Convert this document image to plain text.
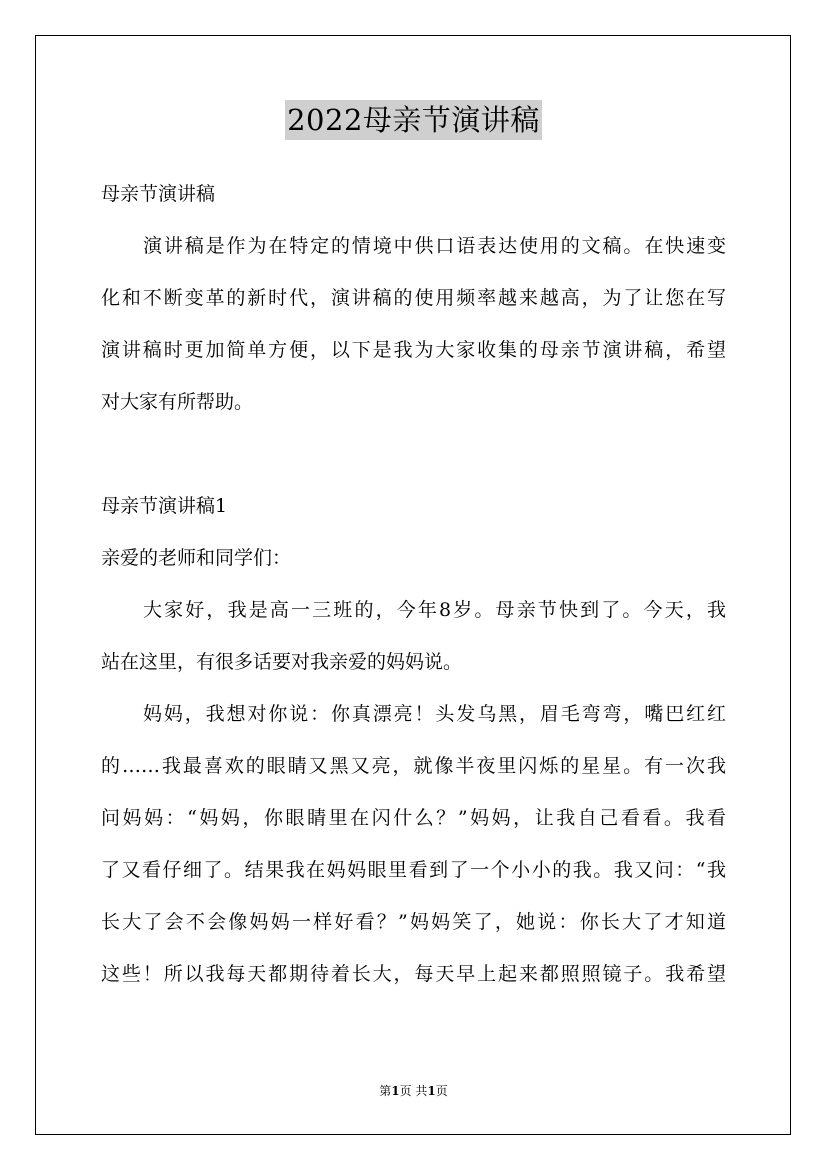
2022母亲节演讲稿
母亲节演讲稿
演讲稿是作为在特定的情境中供口语表达使用的文稿。在快速变
化和不断变革的新时代，演讲稿的使用频率越来越高，为了让您在写
演讲稿时更加简单方便，以下是我为大家收集的母亲节演讲稿，希望
对大家有所帮助。
母亲节演讲稿1
亲爱的老师和同学们：
大家好，我是高一三班的，今年8岁。母亲节快到了。今天，我
站在这里，有很多话要对我亲爱的妈妈说。
妈妈，我想对你说：你真漂亮！头发乌黑，眉毛弯弯，嘴巴红红
的……我最喜欢的眼睛又黑又亮，就像半夜里闪烁的星星。有一次我
问妈妈：“妈妈，你眼睛里在闪什么？”妈妈，让我自己看看。我看
了又看仔细了。结果我在妈妈眼里看到了一个小小的我。我又问：“我
长大了会不会像妈妈一样好看？”妈妈笑了，她说：你长大了才知道
这些！所以我每天都期待着长大，每天早上起来都照照镜子。我希望
第1页 共1页
